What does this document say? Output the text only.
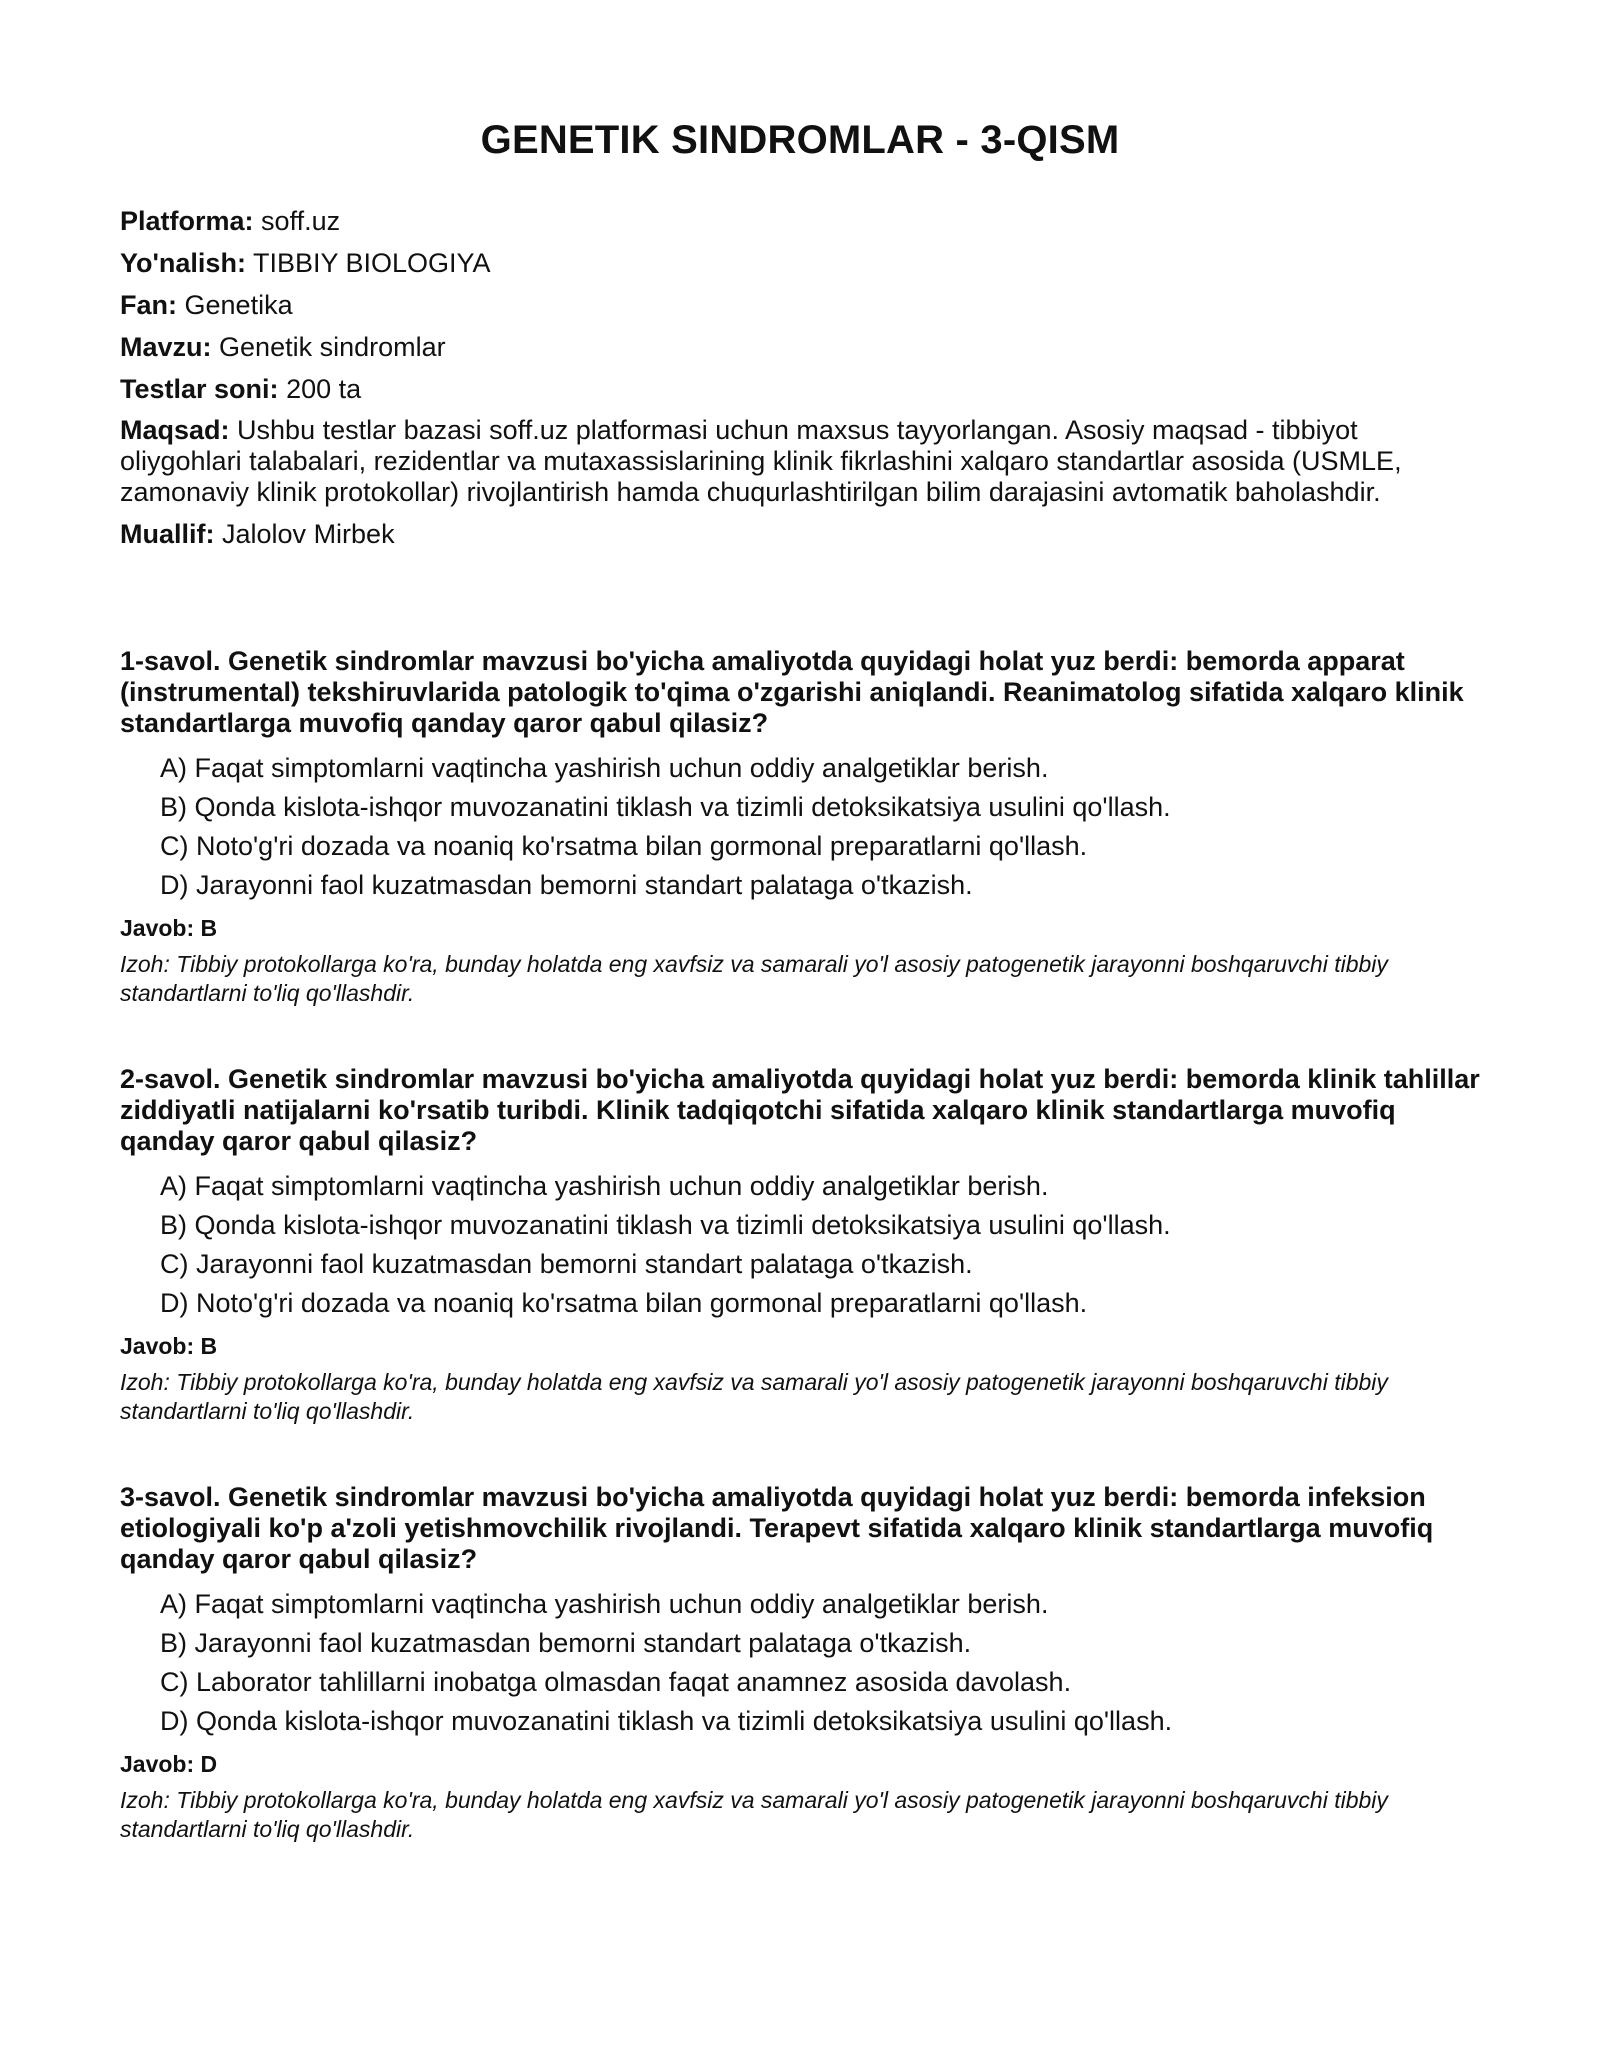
GENETIK SINDROMLAR - 3-QISM

Platforma: soff.uz

Yo'nalish: TIBBIY BIOLOGIYA

Fan: Genetika

Mavzu: Genetik sindromlar

Testlar soni: 200 ta

Maqsad: Ushbu testlar bazasi soff.uz platformasi uchun maxsus tayyorlangan. Asosiy maqsad - tibbiyot oliygohlari talabalari, rezidentlar va mutaxassislarining klinik fikrlashini xalqaro standartlar asosida (USMLE, zamonaviy klinik protokollar) rivojlantirish hamda chuqurlashtirilgan bilim darajasini avtomatik baholashdir.

Muallif: Jalolov Mirbek

1-savol. Genetik sindromlar mavzusi bo'yicha amaliyotda quyidagi holat yuz berdi: bemorda apparat (instrumental) tekshiruvlarida patologik to'qima o'zgarishi aniqlandi. Reanimatolog sifatida xalqaro klinik standartlarga muvofiq qanday qaror qabul qilasiz?

A) Faqat simptomlarni vaqtincha yashirish uchun oddiy analgetiklar berish.
B) Qonda kislota-ishqor muvozanatini tiklash va tizimli detoksikatsiya usulini qo'llash.
C) Noto'g'ri dozada va noaniq ko'rsatma bilan gormonal preparatlarni qo'llash.
D) Jarayonni faol kuzatmasdan bemorni standart palataga o'tkazish.

Javob: B

Izoh: Tibbiy protokollarga ko'ra, bunday holatda eng xavfsiz va samarali yo'l asosiy patogenetik jarayonni boshqaruvchi tibbiy standartlarni to'liq qo'llashdir.

2-savol. Genetik sindromlar mavzusi bo'yicha amaliyotda quyidagi holat yuz berdi: bemorda klinik tahlillar ziddiyatli natijalarni ko'rsatib turibdi. Klinik tadqiqotchi sifatida xalqaro klinik standartlarga muvofiq qanday qaror qabul qilasiz?

A) Faqat simptomlarni vaqtincha yashirish uchun oddiy analgetiklar berish.
B) Qonda kislota-ishqor muvozanatini tiklash va tizimli detoksikatsiya usulini qo'llash.
C) Jarayonni faol kuzatmasdan bemorni standart palataga o'tkazish.
D) Noto'g'ri dozada va noaniq ko'rsatma bilan gormonal preparatlarni qo'llash.

Javob: B

Izoh: Tibbiy protokollarga ko'ra, bunday holatda eng xavfsiz va samarali yo'l asosiy patogenetik jarayonni boshqaruvchi tibbiy standartlarni to'liq qo'llashdir.

3-savol. Genetik sindromlar mavzusi bo'yicha amaliyotda quyidagi holat yuz berdi: bemorda infeksion etiologiyali ko'p a'zoli yetishmovchilik rivojlandi. Terapevt sifatida xalqaro klinik standartlarga muvofiq qanday qaror qabul qilasiz?

A) Faqat simptomlarni vaqtincha yashirish uchun oddiy analgetiklar berish.
B) Jarayonni faol kuzatmasdan bemorni standart palataga o'tkazish.
C) Laborator tahlillarni inobatga olmasdan faqat anamnez asosida davolash.
D) Qonda kislota-ishqor muvozanatini tiklash va tizimli detoksikatsiya usulini qo'llash.

Javob: D

Izoh: Tibbiy protokollarga ko'ra, bunday holatda eng xavfsiz va samarali yo'l asosiy patogenetik jarayonni boshqaruvchi tibbiy standartlarni to'liq qo'llashdir.
